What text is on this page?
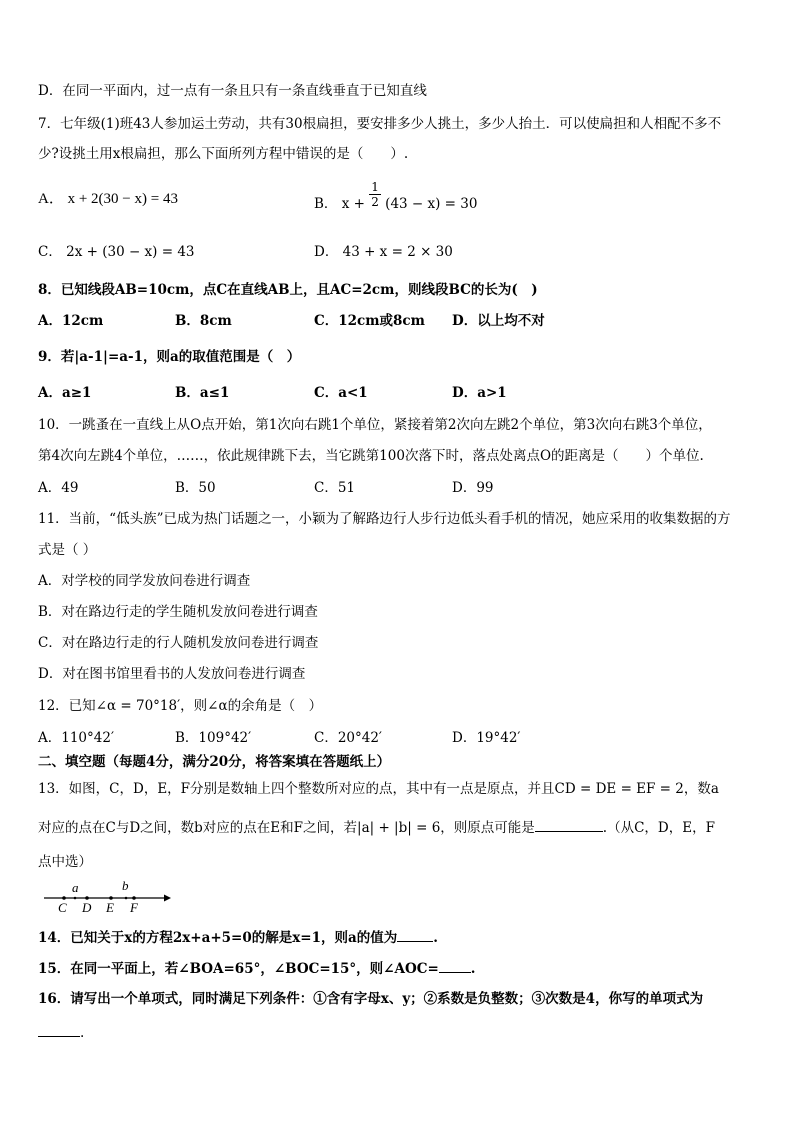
D．在同一平面内，过一点有一条且只有一条直线垂直于已知直线
7．七年级(1)班43人参加运土劳动，共有30根扁担，要安排多少人挑土，多少人抬土．可以使扁担和人相配不多不
少?设挑土用x根扁担，那么下面所列方程中错误的是（　　）.
A． x + 2(30 − x) = 43	B． $x + \frac{1}{2} (43 - x) = 30$
C． 2x + (30 − x) = 43	D． 43 + x = 2 × 30
8．已知线段AB=10cm，点C在直线AB上，且AC=2cm，则线段BC的长为(　)
A．12cm	B．8cm	C．12cm或8cm D．以上均不对
9．若|a-1|=a-1，则a的取值范围是（　）
A．a≥1	B．a≤1	C．a<1	D．a>1
10．一跳蚤在一直线上从O点开始，第1次向右跳1个单位，紧接着第2次向左跳2个单位，第3次向右跳3个单位，
第4次向左跳4个单位，……，依此规律跳下去，当它跳第100次落下时，落点处离点O的距离是（　　）个单位.
A．49	B．50	C．51	D．99
11．当前，“低头族”已成为热门话题之一，小颖为了解路边行人步行边低头看手机的情况，她应采用的收集数据的方
式是（ ）
A．对学校的同学发放问卷进行调查
B．对在路边行走的学生随机发放问卷进行调查
C．对在路边行走的行人随机发放问卷进行调查
D．对在图书馆里看书的人发放问卷进行调查
12．已知∠α = 70°18′，则∠α的余角是（　）
A．110°42′	B．109°42′	C．20°42′	D．19°42′
二、填空题（每题4分，满分20分，将答案填在答题纸上）
13．如图，C，D，E，F分别是数轴上四个整数所对应的点，其中有一点是原点，并且CD = DE = EF = 2，数a
对应的点在C与D之间，数b对应的点在E和F之间，若|a| + |b| = 6，则原点可能是	.（从C，D，E，F
点中选）
a	b
C D E F
14．已知关于x的方程2x+a+5=0的解是x=1，则a的值为	.
15．在同一平面上，若∠BOA=65°，∠BOC=15°，则∠AOC= .
16．请写出一个单项式，同时满足下列条件：①含有字母x、y；②系数是负整数；③次数是4，你写的单项式为
.
